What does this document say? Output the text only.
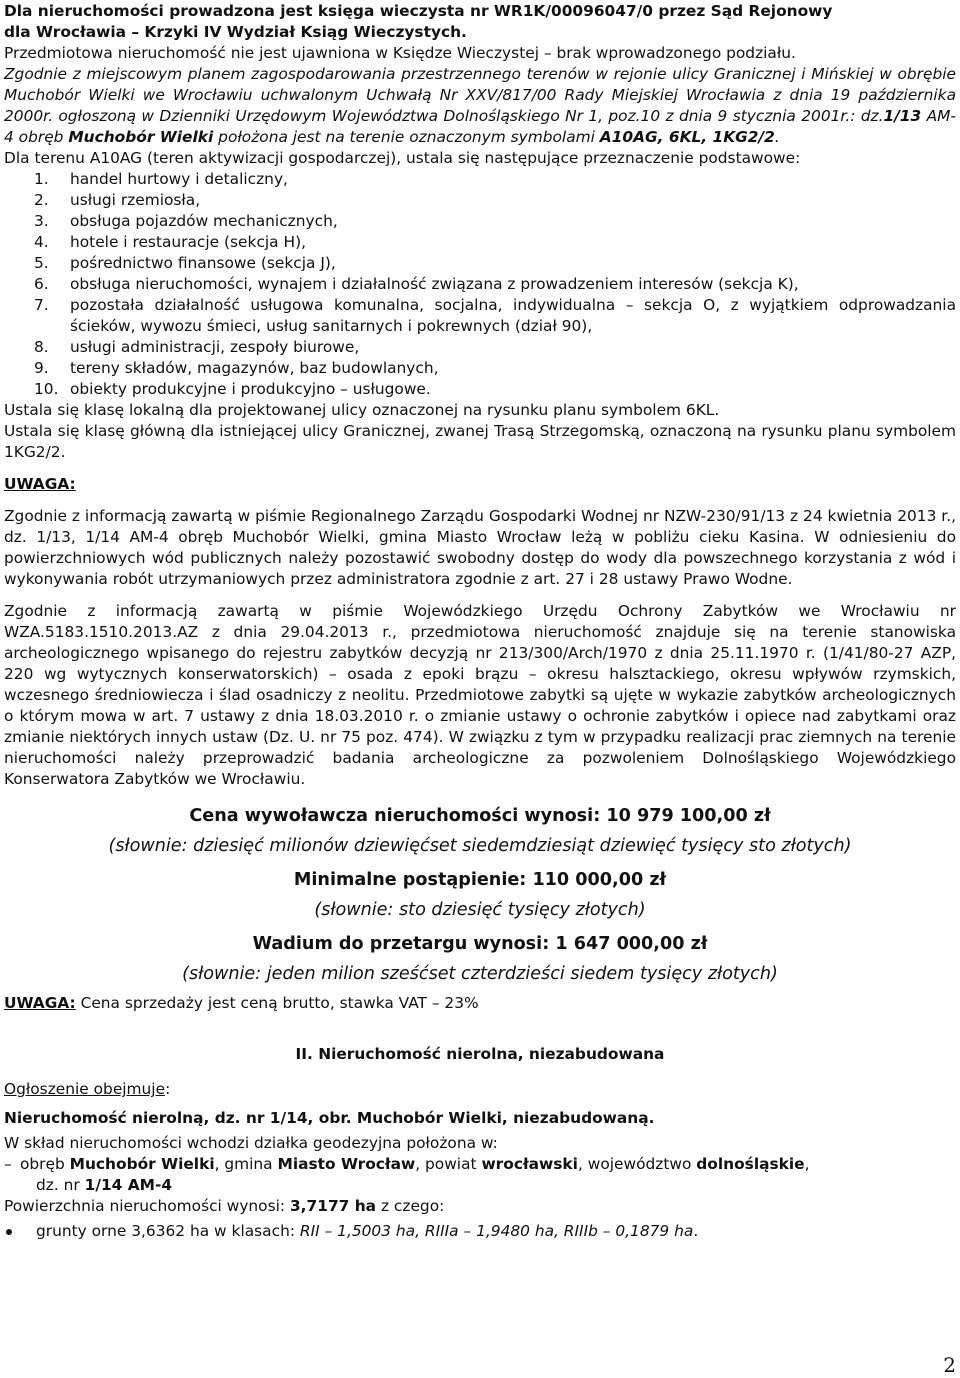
Dla nieruchomości prowadzona jest księga wieczysta nr WR1K/00096047/0 przez Sąd Rejonowy

dla Wrocławia – Krzyki IV Wydział Ksiąg Wieczystych.

Przedmiotowa nieruchomość nie jest ujawniona w Księdze Wieczystej – brak wprowadzonego podziału.

Zgodnie z miejscowym planem zagospodarowania przestrzennego terenów w rejonie ulicy Granicznej i Mińskiej w obrębie Muchobór Wielki we Wrocławiu uchwalonym Uchwałą Nr XXV/817/00 Rady Miejskiej Wrocławia z dnia 19 października 2000r. ogłoszoną w Dzienniki Urzędowym Województwa Dolnośląskiego Nr 1, poz.10 z dnia 9 stycznia 2001r.: dz.1/13 AM-4 obręb Muchobór Wielki położona jest na terenie oznaczonym symbolami A10AG, 6KL, 1KG2/2.

Dla terenu A10AG (teren aktywizacji gospodarczej), ustala się następujące przeznaczenie podstawowe:

1.	handel hurtowy i detaliczny,
2.	usługi rzemiosła,
3.	obsługa pojazdów mechanicznych,
4.	hotele i restauracje (sekcja H),
5.	pośrednictwo finansowe (sekcja J),
6.	obsługa nieruchomości, wynajem i działalność związana z prowadzeniem interesów (sekcja K),
7.	pozostała działalność usługowa komunalna, socjalna, indywidualna – sekcja O, z wyjątkiem odprowadzania ścieków, wywozu śmieci, usług sanitarnych i pokrewnych (dział 90),
8.	usługi administracji, zespoły biurowe,
9.	tereny składów, magazynów, baz budowlanych,
10. obiekty produkcyjne i produkcyjno – usługowe.

Ustala się klasę lokalną dla projektowanej ulicy oznaczonej na rysunku planu symbolem 6KL.

Ustala się klasę główną dla istniejącej ulicy Granicznej, zwanej Trasą Strzegomską, oznaczoną na rysunku planu symbolem 1KG2/2.

UWAGA:

Zgodnie z informacją zawartą w piśmie Regionalnego Zarządu Gospodarki Wodnej nr NZW-230/91/13 z 24 kwietnia 2013 r., dz. 1/13, 1/14 AM-4 obręb Muchobór Wielki, gmina Miasto Wrocław leżą w pobliżu cieku Kasina. W odniesieniu do powierzchniowych wód publicznych należy pozostawić swobodny dostęp do wody dla powszechnego korzystania z wód i wykonywania robót utrzymaniowych przez administratora zgodnie z art. 27 i 28 ustawy Prawo Wodne.

Zgodnie z informacją zawartą w piśmie Wojewódzkiego Urzędu Ochrony Zabytków we Wrocławiu nr WZA.5183.1510.2013.AZ z dnia 29.04.2013 r., przedmiotowa nieruchomość znajduje się na terenie stanowiska archeologicznego wpisanego do rejestru zabytków decyzją nr 213/300/Arch/1970 z dnia 25.11.1970 r. (1/41/80-27 AZP, 220 wg wytycznych konserwatorskich) – osada z epoki brązu – okresu halsztackiego, okresu wpływów rzymskich, wczesnego średniowiecza i ślad osadniczy z neolitu. Przedmiotowe zabytki są ujęte w wykazie zabytków archeologicznych o którym mowa w art. 7 ustawy z dnia 18.03.2010 r. o zmianie ustawy o ochronie zabytków i opiece nad zabytkami oraz zmianie niektórych innych ustaw (Dz. U. nr 75 poz. 474). W związku z tym w przypadku realizacji prac ziemnych na terenie nieruchomości należy przeprowadzić badania archeologiczne za pozwoleniem Dolnośląskiego Wojewódzkiego Konserwatora Zabytków we Wrocławiu.

Cena wywoławcza nieruchomości wynosi: 10 979 100,00 zł

(słownie: dziesięć milionów dziewięćset siedemdziesiąt dziewięć tysięcy sto złotych)

Minimalne postąpienie: 110 000,00 zł

(słownie: sto dziesięć tysięcy złotych)

Wadium do przetargu wynosi: 1 647 000,00 zł

(słownie: jeden milion sześćset czterdzieści siedem tysięcy złotych)

UWAGA: Cena sprzedaży jest ceną brutto, stawka VAT – 23%

II. Nieruchomość nierolna, niezabudowana

Ogłoszenie obejmuje:

Nieruchomość nierolną, dz. nr 1/14, obr. Muchobór Wielki, niezabudowaną.

W skład nieruchomości wchodzi działka geodezyjna położona w:

– obręb Muchobór Wielki, gmina Miasto Wrocław, powiat wrocławski, województwo dolnośląskie,

dz. nr 1/14 AM-4

Powierzchnia nieruchomości wynosi: 3,7177 ha z czego:

grunty orne 3,6362 ha w klasach: RII – 1,5003 ha, RIIIa – 1,9480 ha, RIIIb – 0,1879 ha.

2
